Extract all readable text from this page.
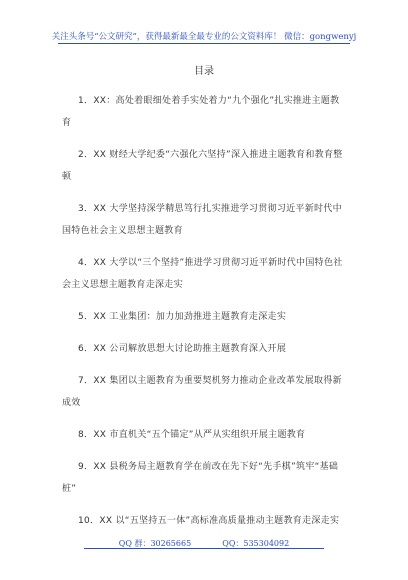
关注头条号“公文研究”，获得最新最全最专业的公文资料库！ 微信：gongwenyj
目录
1．XX：高处着眼细处着手实处着力“九个强化”扎实推进主题教育
2．XX 财经大学纪委“六强化六坚持”深入推进主题教育和教育整顿
3．XX 大学坚持深学精思笃行扎实推进学习贯彻习近平新时代中国特色社会主义思想主题教育
4．XX 大学以“三个坚持”推进学习贯彻习近平新时代中国特色社会主义思想主题教育走深走实
5．XX 工业集团：加力加劲推进主题教育走深走实
6．XX 公司解放思想大讨论助推主题教育深入开展
7．XX 集团以主题教育为重要契机努力推动企业改革发展取得新成效
8．XX 市直机关“五个锚定”从严从实组织开展主题教育
9．XX 县税务局主题教育学在前改在先下好“先手棋”筑牢“基础桩”
10．XX 以“五坚持五一体”高标准高质量推动主题教育走深走实
QQ 群：30265665	QQ：535304092
